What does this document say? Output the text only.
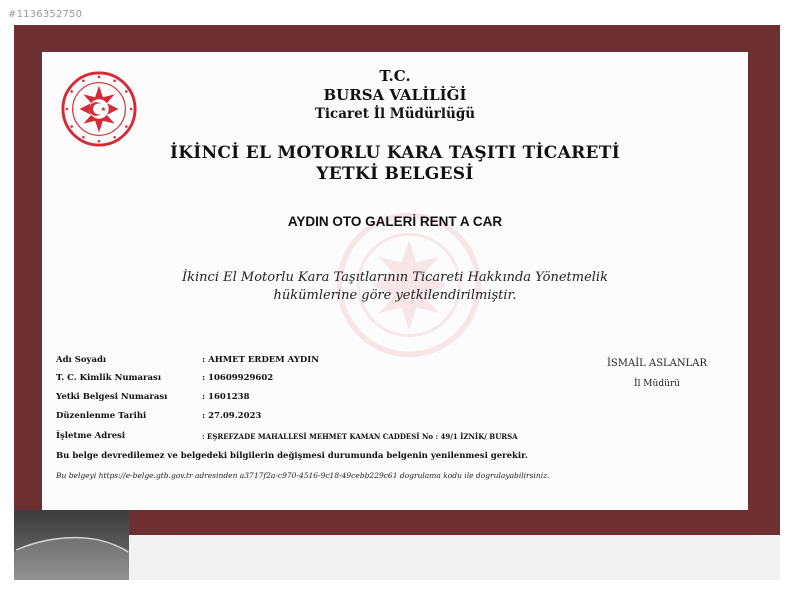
#1136352750
T.C.
BURSA VALİLİĞİ
Ticaret İl Müdürlüğü
İKİNCİ EL MOTORLU KARA TAŞITI TİCARETİ
YETKİ BELGESİ
AYDIN OTO GALERİ RENT A CAR
İkinci El Motorlu Kara Taşıtlarının Ticareti Hakkında Yönetmelik
hükümlerine göre yetkilendirilmiştir.
Adı Soyadı	: AHMET ERDEM AYDIN
T. C. Kimlik Numarası	: 10609929602
Yetki Belgesi Numarası	: 1601238
Düzenlenme Tarihi	: 27.09.2023
İşletme Adresi	: EŞREFZADE MAHALLESİ MEHMET KAMAN CADDESİ No : 49/1 İZNİK/ BURSA
Bu belge devredilemez ve belgedeki bilgilerin değişmesi durumunda belgenin yenilenmesi gerekir.
Bu belgeyi https://e-belge.gtb.gov.tr adresinden a3717f2a-c970-4516-9c18-49cebb229c61 dogrulama kodu ile dogrulayabilirsiniz.
İSMAİL ASLANLAR
İl Müdürü
